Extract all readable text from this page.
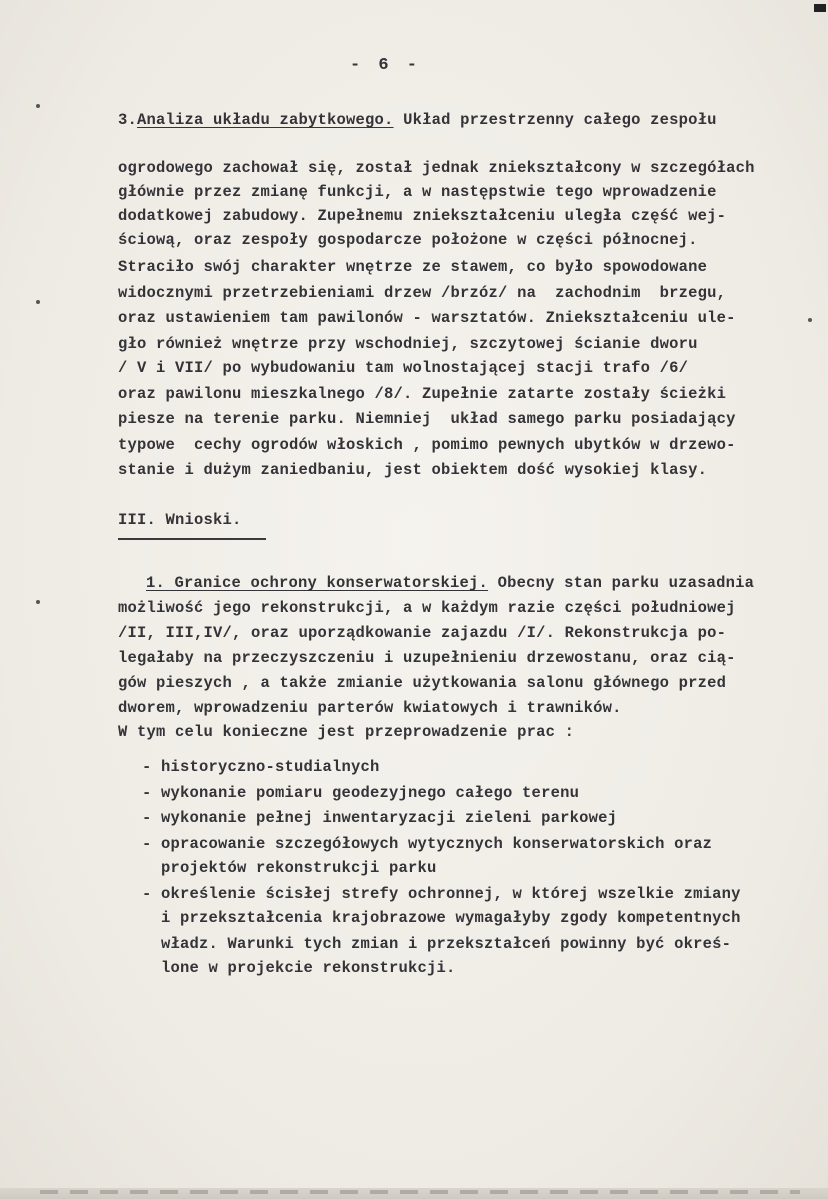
- 6 -
3.Analiza układu zabytkowego. Układ przestrzenny całego zespołu
ogrodowego zachował się, został jednak zniekształcony w szczegółach
głównie przez zmianę funkcji, a w następstwie tego wprowadzenie
dodatkowej zabudowy. Zupełnemu zniekształceniu uległa część wej-
ściową, oraz zespoły gospodarcze położone w części północnej.
Straciło swój charakter wnętrze ze stawem, co było spowodowane
widocznymi przetrzebieniami drzew /brzóz/ na  zachodnim  brzegu,
oraz ustawieniem tam pawilonów - warsztatów. Zniekształceniu ule-
gło również wnętrze przy wschodniej, szczytowej ścianie dworu
/ V i VII/ po wybudowaniu tam wolnostającej stacji trafo /6/
oraz pawilonu mieszkalnego /8/. Zupełnie zatarte zostały ścieżki
piesze na terenie parku. Niemniej  układ samego parku posiadający
typowe  cechy ogrodów włoskich , pomimo pewnych ubytków w drzewo-
stanie i dużym zaniedbaniu, jest obiektem dość wysokiej klasy.
III. Wnioski.
1. Granice ochrony konserwatorskiej. Obecny stan parku uzasadnia
możliwość jego rekonstrukcji, a w każdym razie części południowej
/II, III,IV/, oraz uporządkowanie zajazdu /I/. Rekonstrukcja po-
legałaby na przeczyszczeniu i uzupełnieniu drzewostanu, oraz cią-
gów pieszych , a także zmianie użytkowania salonu głównego przed
dworem, wprowadzeniu parterów kwiatowych i trawników.
W tym celu konieczne jest przeprowadzenie prac :
- historyczno-studialnych
- wykonanie pomiaru geodezyjnego całego terenu
- wykonanie pełnej inwentaryzacji zieleni parkowej
- opracowanie szczegółowych wytycznych konserwatorskich oraz
projektów rekonstrukcji parku
- określenie ścisłej strefy ochronnej, w której wszelkie zmiany
i przekształcenia krajobrazowe wymagałyby zgody kompetentnych
władz. Warunki tych zmian i przekształceń powinny być okreś-
lone w projekcie rekonstrukcji.
